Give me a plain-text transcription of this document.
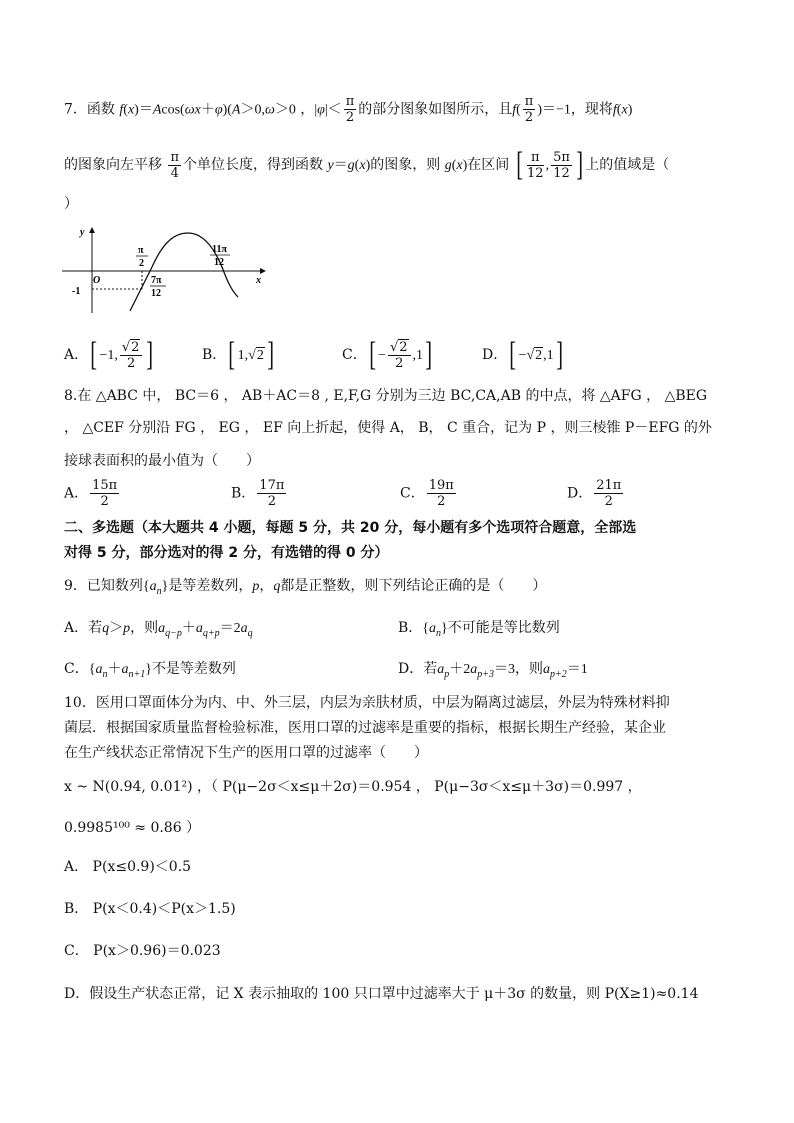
7．函数 f(x)＝Acos(ωx＋φ)(A＞0,ω＞0 ，$|\varphi|< \frac{\pi}{2}$ 的部分图象如图所示，且$f( \frac{\pi}{2} )=-1$，现将f(x)
的图象向左平移 $\frac{\pi}{4}$ 个单位长度，得到函数 y＝g(x)的图象，则 g(x)在区间 [ $\frac{\pi}{12}$ , $\frac{5\pi}{12}$ ] 上的值域是（
）
y
x
O
-1
π
2
7π
12
11π
12
A．[ −1, $\frac{√2}{2}$ ]	B．[ 1,√2]	C．[ − $\frac{√2}{2} ,1$]	D．[ −√2,1]
8.在 △ABC 中， BC＝6 ， AB＋AC＝8 , E,F,G 分别为三边 BC,CA,AB 的中点，将 △AFG ， △BEG
， △CEF 分别沿 FG ， EG ， EF 向上折起，使得 A， B， C 重合，记为 P ，则三棱锥 P－EFG 的外
接球表面积的最小值为（　　）
A． $\frac{15\pi}{2}$	B． $\frac{17\pi}{2}$	C． $\frac{19\pi}{2}$	D． $\frac{21\pi}{2}$
二、多选题（本大题共 4 小题，每题 5 分，共 20 分，每小题有多个选项符合题意，全部选
对得 5 分，部分选对的得 2 分，有选错的得 0 分）
9．已知数列$\{a_n\}$是等差数列，p，q都是正整数，则下列结论正确的是（　　）
A．若q＞p，则$a_{q-p}+a_{q+p}=2a_q$	B．$\{a_n\}$不可能是等比数列
C．$\{a_n+a_{n+1}\}$不是等差数列	D．若$a_p+2a_{p+3}=3$，则$a_{p+2}=1$
10．医用口罩面体分为内、中、外三层，内层为亲肤材质，中层为隔离过滤层，外层为特殊材料抑
菌层．根据国家质量监督检验标准，医用口罩的过滤率是重要的指标，根据长期生产经验，某企业
在生产线状态正常情况下生产的医用口罩的过滤率（　　）
x ~ N(0.94, 0.01²) ，（ P(μ−2σ＜x≤μ＋2σ)＝0.954 ， P(μ−3σ＜x≤μ＋3σ)＝0.997 ，
0.9985¹⁰⁰ ≈ 0.86 ）
A． P(x≤0.9)＜0.5
B． P(x＜0.4)＜P(x＞1.5)
C． P(x＞0.96)＝0.023
D．假设生产状态正常，记 X 表示抽取的 100 只口罩中过滤率大于 μ＋3σ 的数量，则 P(X≥1)≈0.14
